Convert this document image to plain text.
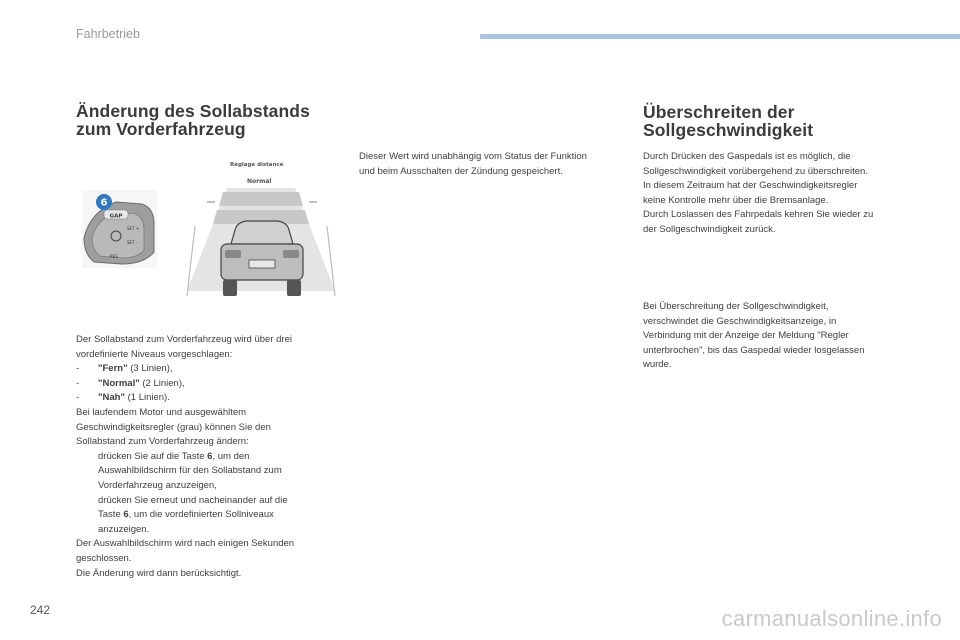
Fahrbetrieb
Änderung des Sollabstands
zum Vorderfahrzeug
GAP
SET +
SET -
RES
6
Réglage distance
Normal
Der Sollabstand zum Vorderfahrzeug wird über drei
vordefinierte Niveaus vorgeschlagen:
- "Fern" (3 Linien),
- "Normal" (2 Linien),
- "Nah" (1 Linien).
Bei laufendem Motor und ausgewähltem
Geschwindigkeitsregler (grau) können Sie den
Sollabstand zum Vorderfahrzeug ändern:
drücken Sie auf die Taste 6, um den
Auswahlbildschirm für den Sollabstand zum
Vorderfahrzeug anzuzeigen,
drücken Sie erneut und nacheinander auf die
Taste 6, um die vordefinierten Sollniveaux
anzuzeigen.
Der Auswahlbildschirm wird nach einigen Sekunden
geschlossen.
Die Änderung wird dann berücksichtigt.
Dieser Wert wird unabhängig vom Status der Funktion
und beim Ausschalten der Zündung gespeichert.
Überschreiten der
Sollgeschwindigkeit
Durch Drücken des Gaspedals ist es möglich, die
Sollgeschwindigkeit vorübergehend zu überschreiten.
In diesem Zeitraum hat der Geschwindigkeitsregler
keine Kontrolle mehr über die Bremsanlage.
Durch Loslassen des Fahrpedals kehren Sie wieder zu
der Sollgeschwindigkeit zurück.
Bei Überschreitung der Sollgeschwindigkeit,
verschwindet die Geschwindigkeitsanzeige, in
Verbindung mit der Anzeige der Meldung "Regler
unterbrochen", bis das Gaspedal wieder losgelassen
wurde.
242	carmanualsonline.info
